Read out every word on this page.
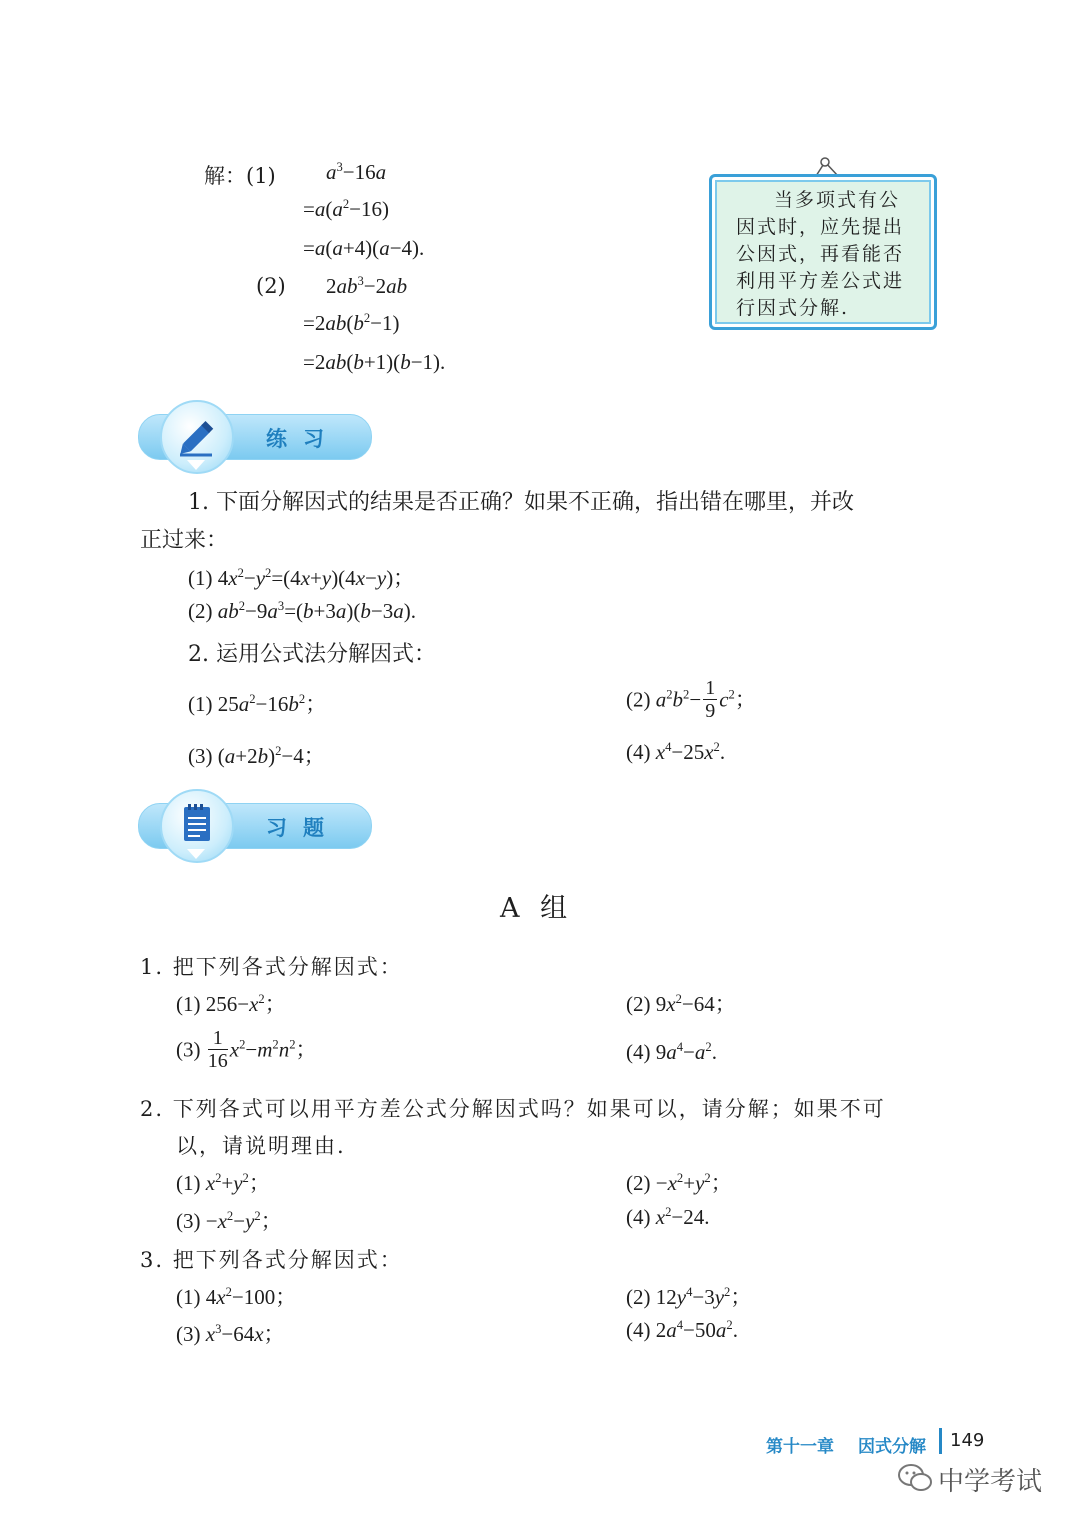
解：(1) $a^3-16a$
$=a(a^2-16)$
=a(a+4)(a−4).
(2) $2ab^3-2ab$
$=2ab(b^2-1)$
=2ab(b+1)(b−1).
当多项式有公因式时，应先提出公因式，再看能否利用平方差公式进行因式分解.
练习
1. 下面分解因式的结果是否正确？如果不正确，指出错在哪里，并改
正过来：
(1) $4x^2-y^2=(4x+y)(4x-y)$；
(2) $ab^2-9a^3=(b+3a)(b-3a)$.
2. 运用公式法分解因式：
(1) $25a^2-16b^2$；	(2) $a^2b^2- \frac{1}{9} c^2$；
(3) $(a+2b)^2-4$；	(4) $x^4-25x^2$.
习题
A 组
1. 把下列各式分解因式：
(1) $256-x^2$；	(2) $9x^2-64$；
$(3) \frac{1}{16} x^2-m^2n^2$；	(4) $9a^4-a^2$.
2. 下列各式可以用平方差公式分解因式吗？如果可以，请分解；如果不可
以，请说明理由.
(1) $x^2+y^2$；	$(2) -x^2+y^2$；
$(3) -x^2-y^2$；	(4) $x^2-24$.
3. 把下列各式分解因式：
(1) $4x^2-100$；	(2) $12y^4-3y^2$；
(3) $x^3-64x$；	(4) $2a^4-50a^2$.
第十一章 因式分解 149
中学考试
